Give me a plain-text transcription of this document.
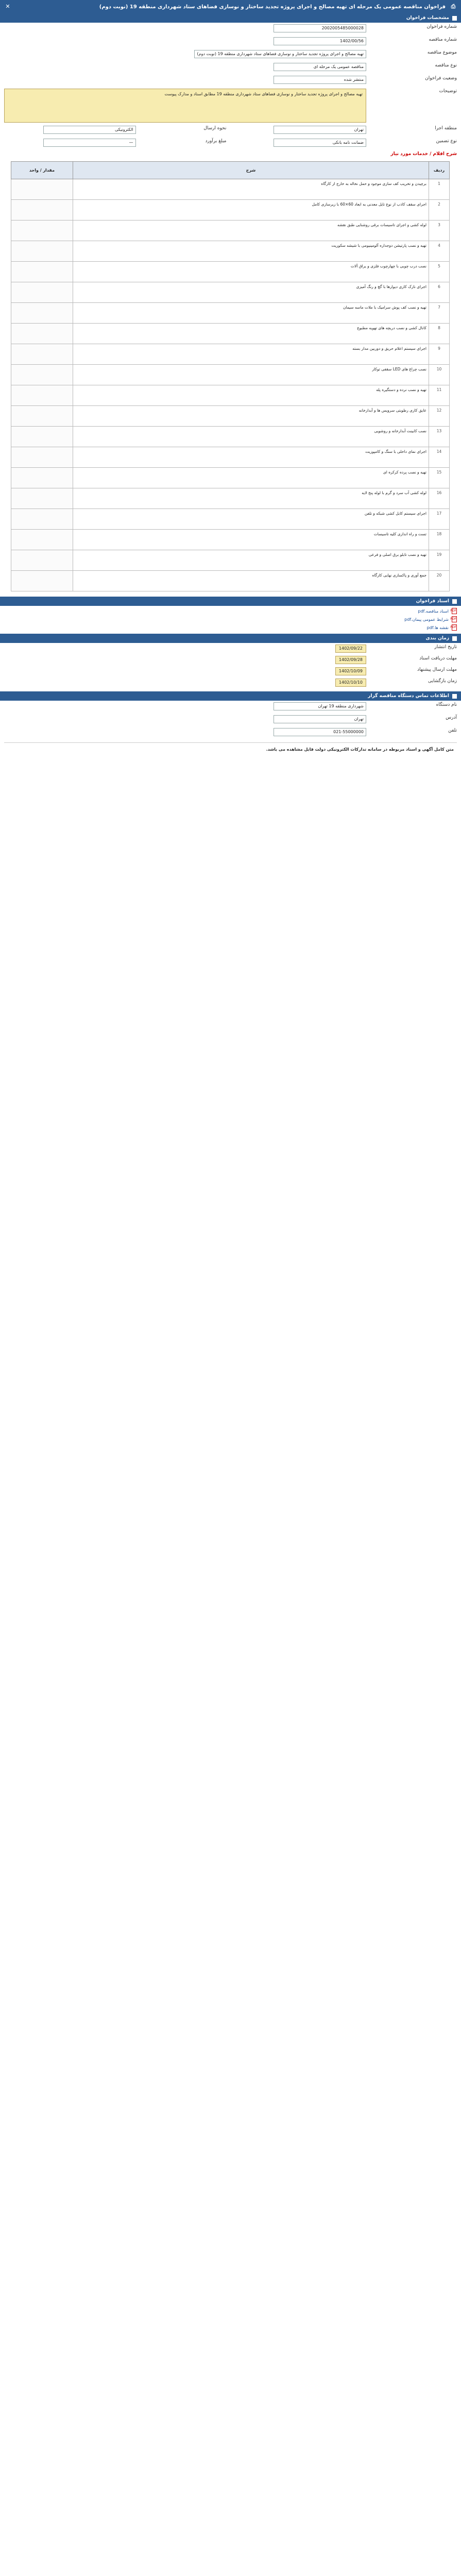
⎙
فراخوان مناقصه عمومی یک مرحله ای تهیه مصالح و اجرای پروژه تجدید ساختار و نوسازی فضاهای ستاد شهرداری منطقه 19 (نوبت دوم)
✕
مشخصات فراخوان
شماره فراخوان
2002005485000028
شماره مناقصه
1402/00/56
موضوع مناقصه
تهیه مصالح و اجرای پروژه تجدید ساختار و نوسازی فضاهای ستاد شهرداری منطقه 19 (نوبت دوم)
نوع مناقصه
مناقصه عمومی یک مرحله ای
وضعیت فراخوان
منتشر شده
توضیحات
تهیه مصالح و اجرای پروژه تجدید ساختار و نوسازی فضاهای ستاد شهرداری منطقه 19 مطابق اسناد و مدارک پیوست
منطقه اجرا
تهران
نوع تضمین
ضمانت نامه بانکی
نحوه ارسال
الکترونیکی
مبلغ برآورد
—
شرح اقلام / خدمات مورد نیاز
ردیف	شرح	مقدار / واحد
1	برچیدن و تخریب کف سازی موجود و حمل نخاله به خارج از کارگاه	
2	اجرای سقف کاذب از نوع تایل معدنی به ابعاد 60×60 با زیرسازی کامل	
3	لوله کشی و اجرای تاسیسات برقی روشنایی طبق نقشه	
4	تهیه و نصب پارتیشن دوجداره آلومینیومی با شیشه سکوریت	
5	نصب درب چوبی با چهارچوب فلزی و یراق آلات	
6	اجرای نازک کاری دیوارها با گچ و رنگ آمیزی	
7	تهیه و نصب کف پوش سرامیک با ملات ماسه سیمان	
8	کانال کشی و نصب دریچه های تهویه مطبوع	
9	اجرای سیستم اعلام حریق و دوربین مدار بسته	
10	نصب چراغ های LED سقفی توکار	
11	تهیه و نصب نرده و دستگیره پله	
12	عایق کاری رطوبتی سرویس ها و آبدارخانه	
13	نصب کابینت آبدارخانه و روشویی	
14	اجرای نمای داخلی با سنگ و کامپوزیت	
15	تهیه و نصب پرده کرکره ای	
16	لوله کشی آب سرد و گرم با لوله پنج لایه	
17	اجرای سیستم کابل کشی شبکه و تلفن	
18	تست و راه اندازی کلیه تاسیسات	
19	تهیه و نصب تابلو برق اصلی و فرعی	
20	جمع آوری و پاکسازی نهایی کارگاه	
اسناد فراخوان
PDF
اسناد مناقصه.pdf
PDF
شرایط عمومی پیمان.pdf
PDF
نقشه ها.pdf
زمان بندی
تاریخ انتشار
1402/09/22
مهلت دریافت اسناد
1402/09/28
مهلت ارسال پیشنهاد
1402/10/09
زمان بازگشایی
1402/10/10
اطلاعات تماس دستگاه مناقصه گزار
نام دستگاه
شهرداری منطقه 19 تهران
آدرس
تهران
تلفن
021-55000000
متن کامل آگهی و اسناد مربوطه در سامانه تدارکات الکترونیکی دولت قابل مشاهده می باشد.
